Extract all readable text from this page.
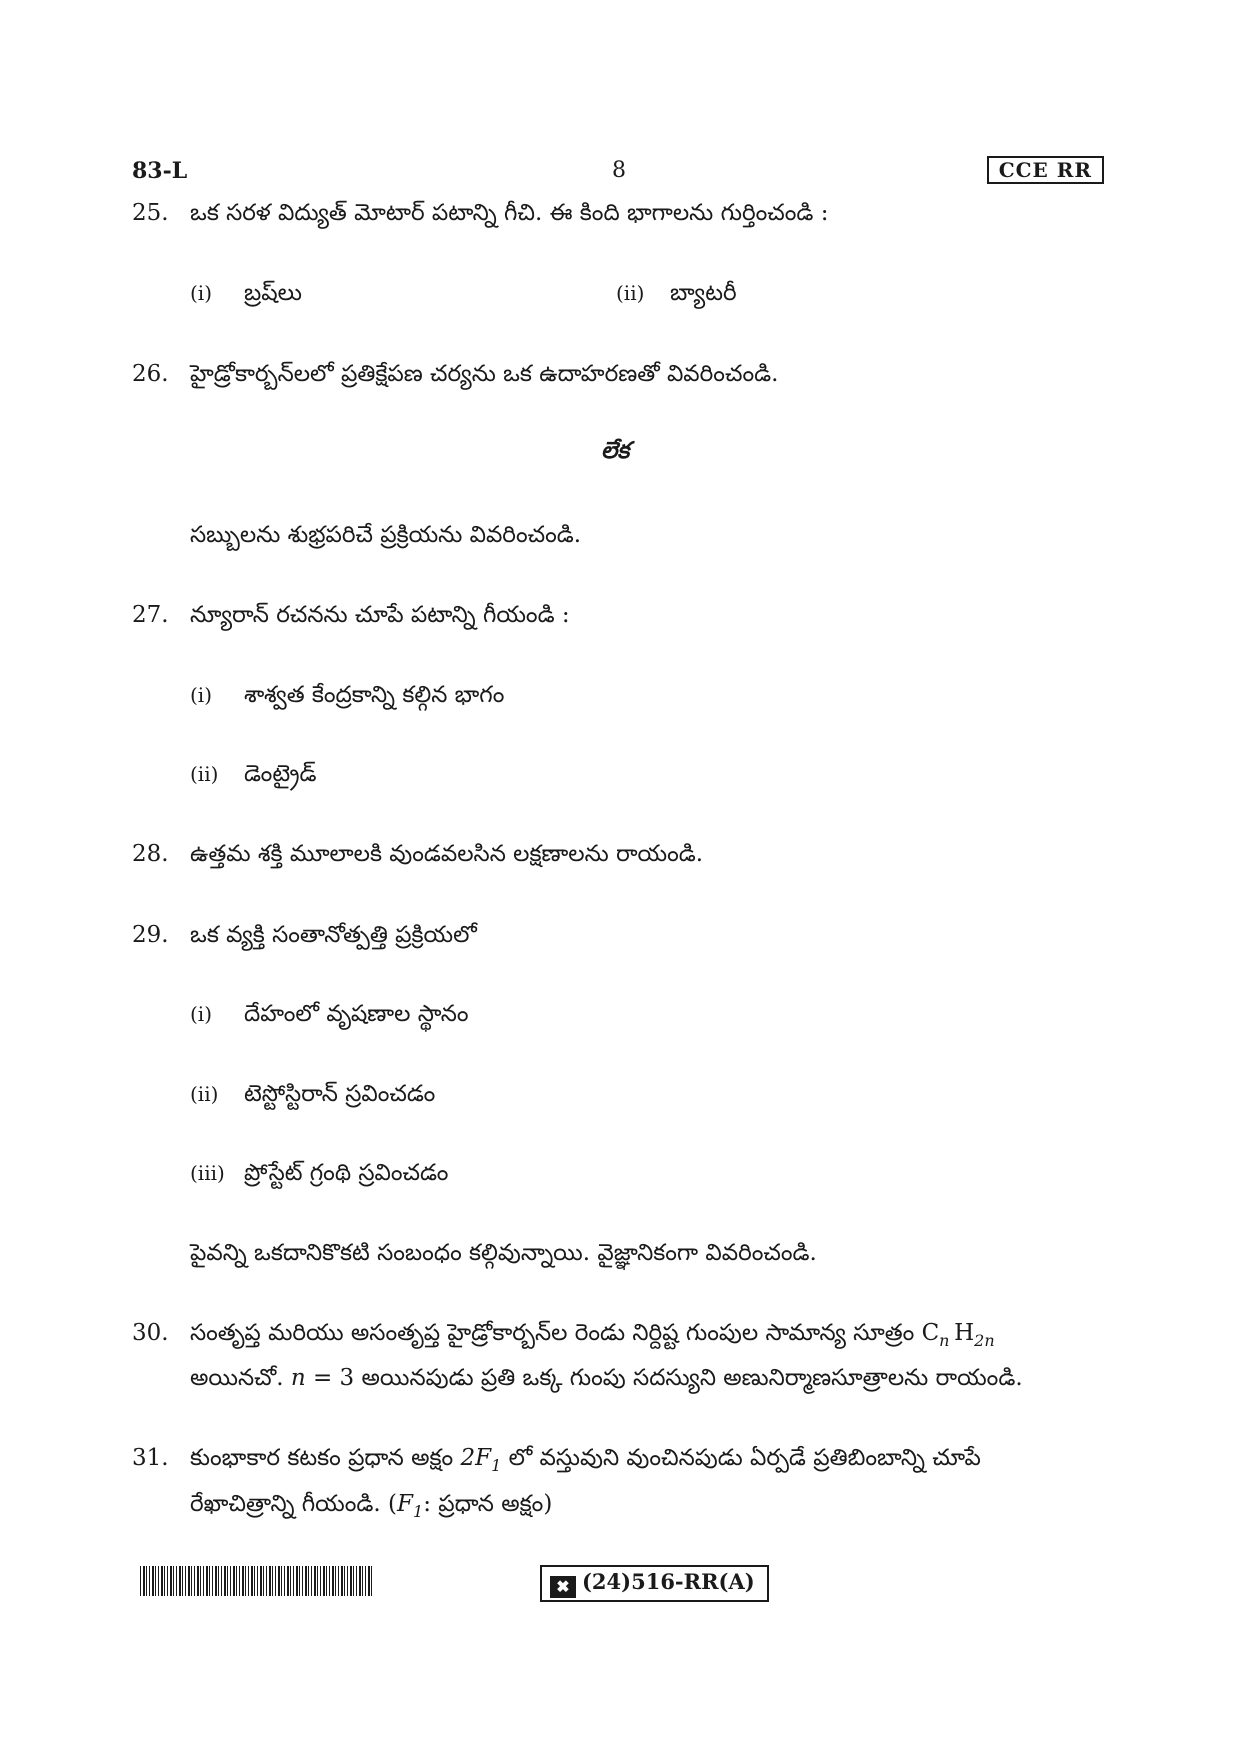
83-L	8	CCE RR
25. ఒక సరళ విద్యుత్ మోటార్ పటాన్ని గీచి. ఈ కింది భాగాలను గుర్తించండి :
(i) బ్రష్‌లు	(ii) బ్యాటరీ
26. హైడ్రోకార్బన్‌లలో ప్రతిక్షేపణ చర్యను ఒక ఉదాహరణతో వివరించండి.
లేక
సబ్బులను శుభ్రపరిచే ప్రక్రియను వివరించండి.
27. న్యూరాన్ రచనను చూపే పటాన్ని గీయండి :
(i) శాశ్వత కేంద్రకాన్ని కల్గిన భాగం
(ii) డెంట్రైడ్
28. ఉత్తమ శక్తి మూలాలకి వుండవలసిన లక్షణాలను రాయండి.
29. ఒక వ్యక్తి సంతానోత్పత్తి ప్రక్రియలో
(i) దేహంలో వృషణాల స్థానం
(ii) టెస్టోస్టిరాన్ స్రవించడం
(iii) ప్రోస్టేట్ గ్రంథి స్రవించడం
పైవన్ని ఒకదానికొకటి సంబంధం కల్గివున్నాయి. వైజ్ఞానికంగా వివరించండి.
30. సంతృప్త మరియు అసంతృప్త హైడ్రోకార్బన్‌ల రెండు నిర్దిష్ట గుంపుల సామాన్య సూత్రం $C_n$  $H_{2n}$
అయినచో. n = 3 అయినపుడు ప్రతి ఒక్క గుంపు సదస్యుని అణునిర్మాణసూత్రాలను రాయండి.
31. కుంభాకార కటకం ప్రధాన అక్షం $2F_1$ లో వస్తువుని వుంచినపుడు ఏర్పడే ప్రతిబింబాన్ని చూపే
రేఖాచిత్రాన్ని గీయండి. ($F_1$: ప్రధాన అక్షం)
✖ (24)516-RR(A)
